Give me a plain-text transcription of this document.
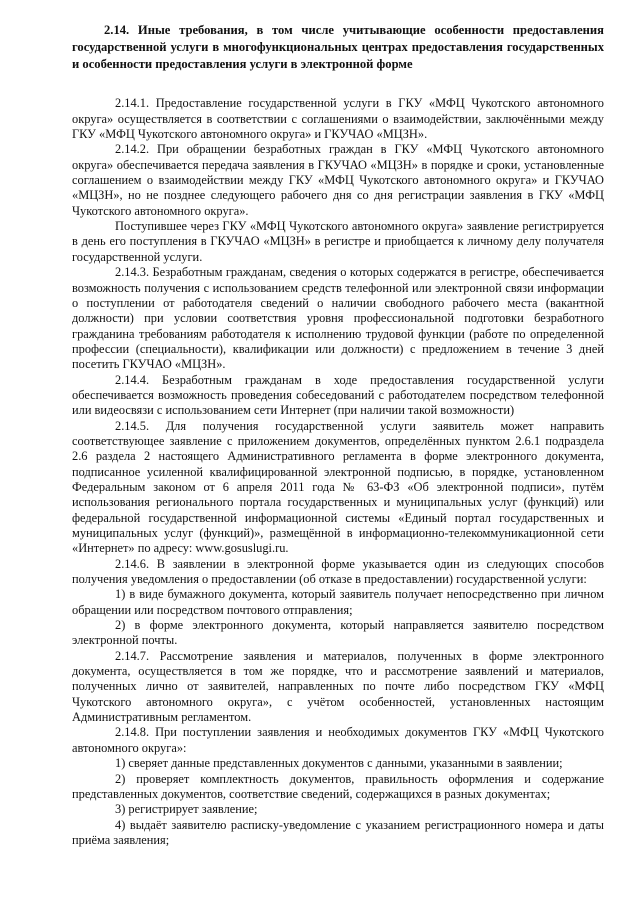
2.14. Иные требования, в том числе учитывающие особенности предоставления государственной услуги в многофункциональных центрах предоставления государственных и особенности предоставления услуги в электронной форме

2.14.1. Предоставление государственной услуги в ГКУ «МФЦ Чукотского автономного округа» осуществляется в соответствии с соглашениями о взаимодействии, заключёнными между ГКУ «МФЦ Чукотского автономного округа» и ГКУЧАО «МЦЗН».

2.14.2. При обращении безработных граждан в ГКУ «МФЦ Чукотского автономного округа» обеспечивается передача заявления в ГКУЧАО «МЦЗН» в порядке и сроки, установленные соглашением о взаимодействии между ГКУ «МФЦ Чукотского автономного округа» и ГКУЧАО «МЦЗН», но не позднее следующего рабочего дня со дня регистрации заявления в ГКУ «МФЦ Чукотского автономного округа».

Поступившее через ГКУ «МФЦ Чукотского автономного округа» заявление регистрируется в день его поступления в ГКУЧАО «МЦЗН» в регистре и приобщается к личному делу получателя государственной услуги.

2.14.3. Безработным гражданам, сведения о которых содержатся в регистре, обеспечивается возможность получения с использованием средств телефонной или электронной связи информации о поступлении от работодателя сведений о наличии свободного рабочего места (вакантной должности) при условии соответствия уровня профессиональной подготовки безработного гражданина требованиям работодателя к исполнению трудовой функции (работе по определенной профессии (специальности), квалификации или должности) с предложением в течение 3 дней посетить ГКУЧАО «МЦЗН».

2.14.4. Безработным гражданам в ходе предоставления государственной услуги обеспечивается возможность проведения собеседований с работодателем посредством телефонной или видеосвязи с использованием сети Интернет (при наличии такой возможности)

2.14.5. Для получения государственной услуги заявитель может направить соответствующее заявление с приложением документов, определённых пунктом 2.6.1 подраздела 2.6 раздела 2 настоящего Административного регламента в форме электронного документа, подписанное усиленной квалифицированной электронной подписью, в порядке, установленном Федеральным законом от 6 апреля 2011 года № 63-ФЗ «Об электронной подписи», путём использования регионального портала государственных и муниципальных услуг (функций) или федеральной государственной информационной системы «Единый портал государственных и муниципальных услуг (функций)», размещённой в информационно-телекоммуникационной сети «Интернет» по адресу: www.gosuslugi.ru.

2.14.6. В заявлении в электронной форме указывается один из следующих способов получения уведомления о предоставлении (об отказе в предоставлении) государственной услуги:

1) в виде бумажного документа, который заявитель получает непосредственно при личном обращении или посредством почтового отправления;

2) в форме электронного документа, который направляется заявителю посредством электронной почты.

2.14.7. Рассмотрение заявления и материалов, полученных в форме электронного документа, осуществляется в том же порядке, что и рассмотрение заявлений и материалов, полученных лично от заявителей, направленных по почте либо посредством ГКУ «МФЦ Чукотского автономного округа», с учётом особенностей, установленных настоящим Административным регламентом.

2.14.8. При поступлении заявления и необходимых документов ГКУ «МФЦ Чукотского автономного округа»:

1) сверяет данные представленных документов с данными, указанными в заявлении;

2) проверяет комплектность документов, правильность оформления и содержание представленных документов, соответствие сведений, содержащихся в разных документах;

3) регистрирует заявление;

4) выдаёт заявителю расписку-уведомление с указанием регистрационного номера и даты приёма заявления;
